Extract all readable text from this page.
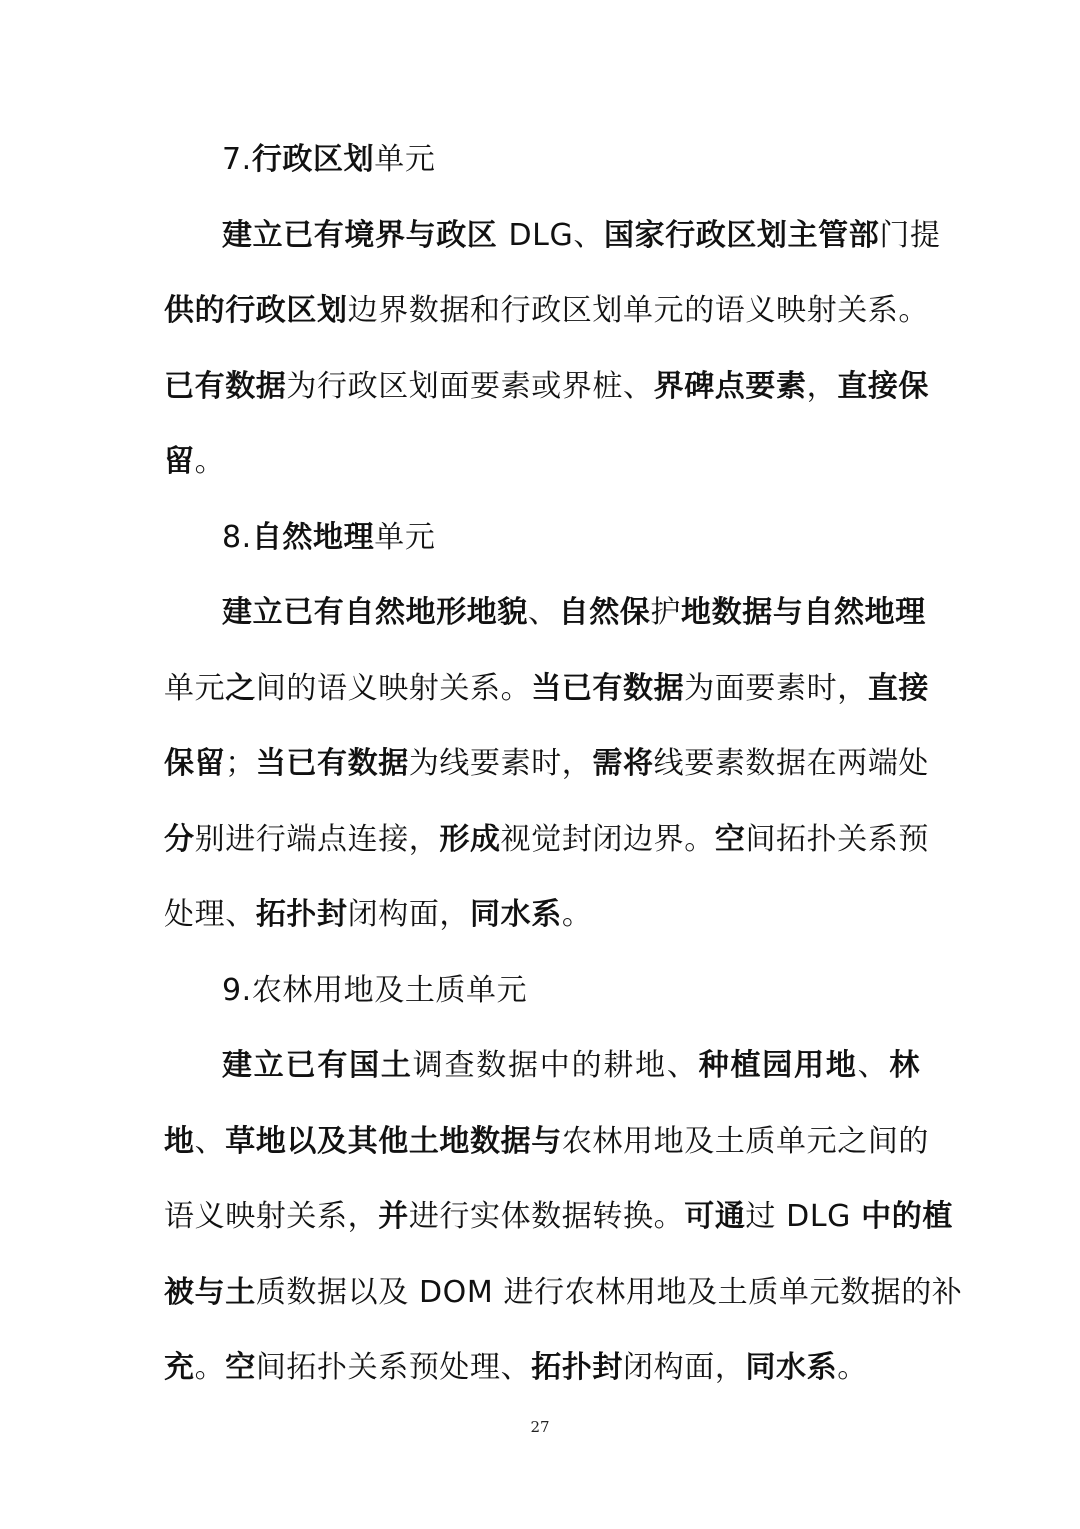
7.行政区划单元
建立已有境界与政区 DLG、国家行政区划主管部门提
供的行政区划边界数据和行政区划单元的语义映射关系。
已有数据为行政区划面要素或界桩、界碑点要素，直接保
留。
8.自然地理单元
建立已有自然地形地貌、自然保护地数据与自然地理
单元之间的语义映射关系。当已有数据为面要素时，直接
保留；当已有数据为线要素时，需将线要素数据在两端处
分别进行端点连接，形成视觉封闭边界。空间拓扑关系预
处理、拓扑封闭构面，同水系。
9.农林用地及土质单元
建立已有国土调查数据中的耕地、种植园用地、林
地、草地以及其他土地数据与农林用地及土质单元之间的
语义映射关系，并进行实体数据转换。可通过 DLG 中的植
被与土质数据以及 DOM 进行农林用地及土质单元数据的补
充。空间拓扑关系预处理、拓扑封闭构面，同水系。
27
